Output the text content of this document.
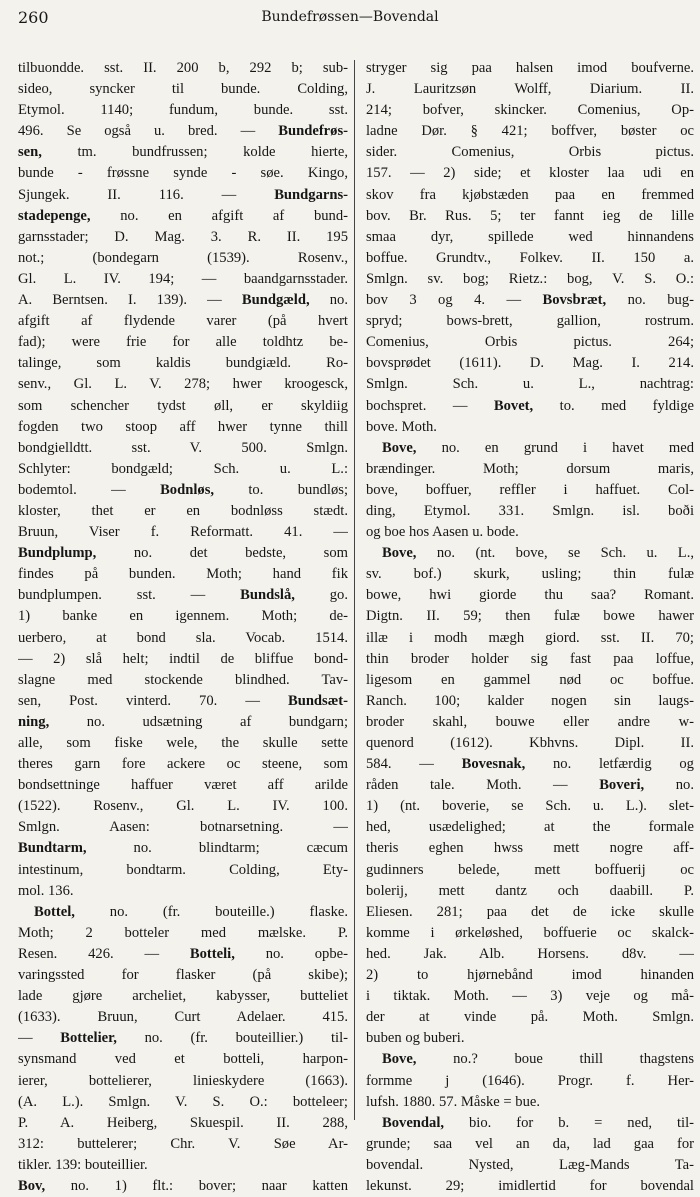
260	Bundefrøssen—Bovendal
tilbuondde. sst. II. 200 b, 292 b; sub-
sideo, syncker til bunde. Colding,
Etymol. 1140; fundum, bunde. sst.
496. Se også u. bred. — Bundefrøs-
sen, tm. bundfrussen; kolde hierte,
bunde - frøssne synde - søe. Kingo,
Sjungek. II. 116. — Bundgarns-
stadepenge, no. en afgift af bund-
garnsstader; D. Mag. 3. R. II. 195
not.; (bondegarn (1539). Rosenv.,
Gl. L. IV. 194; — baandgarnsstader.
A. Berntsen. I. 139). — Bundgæld, no.
afgift af flydende varer (på hvert
fad); were frie for alle toldhtz be-
talinge, som kaldis bundgiæld. Ro-
senv., Gl. L. V. 278; hwer kroogesck,
som schencher tydst øll, er skyldiig
fogden two stoop aff hwer tynne thill
bondgielldtt. sst. V. 500. Smlgn.
Schlyter: bondgæld; Sch. u. L.:
bodemtol. — Bodnløs, to. bundløs;
kloster, thet er en bodnløss stædt.
Bruun, Viser f. Reformatt. 41. —
Bundplump, no. det bedste, som
findes på bunden. Moth; hand fik
bundplumpen. sst. — Bundslå, go.
1) banke en igennem. Moth; de-
uerbero, at bond sla. Vocab. 1514.
— 2) slå helt; indtil de bliffue bond-
slagne med stockende blindhed. Tav-
sen, Post. vinterd. 70. — Bundsæt-
ning, no. udsætning af bundgarn;
alle, som fiske wele, the skulle sette
theres garn fore ackere oc steene, som
bondsettninge haffuer været aff arilde
(1522). Rosenv., Gl. L. IV. 100.
Smlgn. Aasen: botnarsetning. —
Bundtarm, no. blindtarm; cæcum
intestinum, bondtarm. Colding, Ety-
mol. 136.
Bottel, no. (fr. bouteille.) flaske.
Moth; 2 botteler med mælske. P.
Resen. 426. — Botteli, no. opbe-
varingssted for flasker (på skibe);
lade gjøre archeliet, kabysser, butteliet
(1633). Bruun, Curt Adelaer. 415.
— Bottelier, no. (fr. bouteillier.) til-
synsmand ved et botteli, harpon-
ierer, bottelierer, linieskydere (1663).
(A. L.). Smlgn. V. S. O.: botteleer;
P. A. Heiberg, Skuespil. II. 288,
312: buttelerer; Chr. V. Søe Ar-
tikler. 139: bouteillier.
Bov, no. 1) flt.: bover; naar katten
stryger sig paa halsen imod boufverne.
J. Lauritzsøn Wolff, Diarium. II.
214; bofver, skincker. Comenius, Op-
ladne Dør. § 421; boffver, bøster oc
sider. Comenius, Orbis pictus.
157. — 2) side; et kloster laa udi en
skov fra kjøbstæden paa en fremmed
bov. Br. Rus. 5; ter fannt ieg de lille
smaa dyr, spillede wed hinnandens
boffue. Grundtv., Folkev. II. 150 a.
Smlgn. sv. bog; Rietz.: bog, V. S. O.:
bov 3 og 4. — Bovsbræt, no. bug-
spryd; bows-brett, gallion, rostrum.
Comenius, Orbis pictus. 264;
bovsprødet (1611). D. Mag. I. 214.
Smlgn. Sch. u. L., nachtrag:
bochspret. — Bovet, to. med fyldige
bove. Moth.
Bove, no. en grund i havet med
brændinger. Moth; dorsum maris,
bove, boffuer, reffler i haffuet. Col-
ding, Etymol. 331. Smlgn. isl. boði
og boe hos Aasen u. bode.
Bove, no. (nt. bove, se Sch. u. L.,
sv. bof.) skurk, usling; thin fulæ
bowe, hwi giorde thu saa? Romant.
Digtn. II. 59; then fulæ bowe hawer
illæ i modh mægh giord. sst. II. 70;
thin broder holder sig fast paa loffue,
ligesom en gammel nød oc boffue.
Ranch. 100; kalder nogen sin laugs-
broder skahl, bouwe eller andre w-
quenord (1612). Kbhvns. Dipl. II.
584. — Bovesnak, no. letfærdig og
råden tale. Moth. — Boveri, no.
1) (nt. boverie, se Sch. u. L.). slet-
hed, usædelighed; at the formale
theris eghen hwss mett nogre aff-
gudinners belede, mett boffuerij oc
bolerij, mett dantz och daabill. P.
Eliesen. 281; paa det de icke skulle
komme i ørkeløshed, boffuerie oc skalck-
hed. Jak. Alb. Horsens. d8v. —
2) to hjørnebånd imod hinanden
i tiktak. Moth. — 3) veje og må-
der at vinde på. Moth. Smlgn.
buben og buberi.
Bove, no.? boue thill thagstens
formme j (1646). Progr. f. Her-
lufsh. 1880. 57. Måske = bue.
Bovendal, bio. for b. = ned, til-
grunde; saa vel an da, lad gaa for
bovendal. Nysted, Læg-Mands Ta-
lekunst. 29; imidlertid for bovendal
